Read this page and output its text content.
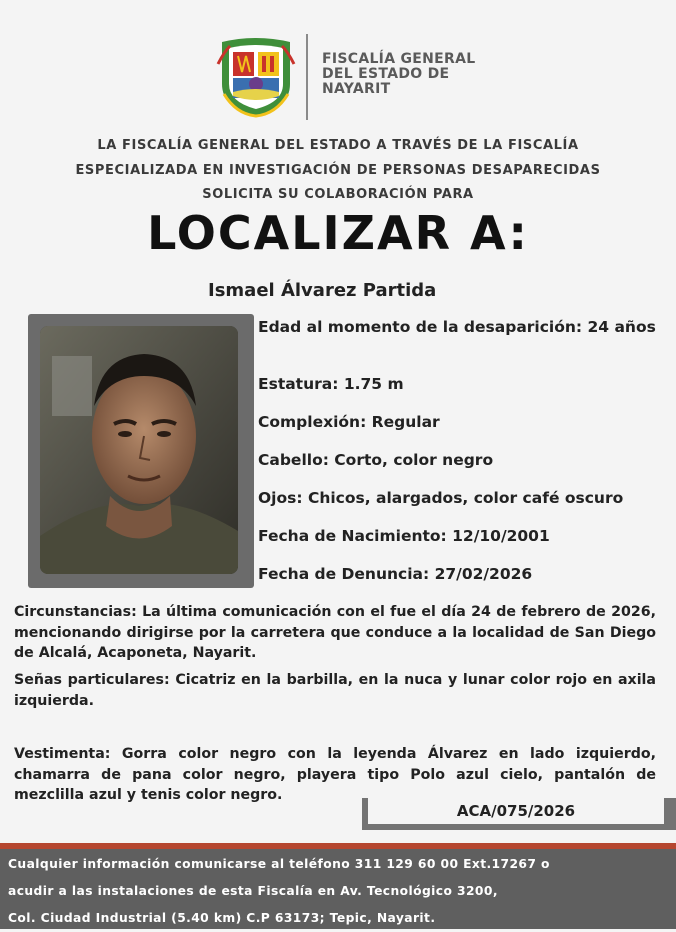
FISCALÍA GENERAL
DEL ESTADO DE
NAYARIT
LA FISCALÍA GENERAL DEL ESTADO A TRAVÉS DE LA FISCALÍA
ESPECIALIZADA EN INVESTIGACIÓN DE PERSONAS DESAPARECIDAS
SOLICITA SU COLABORACIÓN PARA
LOCALIZAR A:
Ismael Álvarez Partida
Edad al momento de la desaparición: 24 años
Estatura: 1.75 m
Complexión: Regular
Cabello: Corto, color negro
Ojos: Chicos, alargados, color café oscuro
Fecha de Nacimiento: 12/10/2001
Fecha de Denuncia: 27/02/2026
Circunstancias: La última comunicación con el fue el día 24 de febrero de 2026, mencionando dirigirse por la carretera que conduce a la localidad de San Diego de Alcalá, Acaponeta, Nayarit.
Señas particulares: Cicatriz en la barbilla, en la nuca y lunar color rojo en axila izquierda.
Vestimenta: Gorra color negro con la leyenda Álvarez en lado izquierdo, chamarra de pana color negro, playera tipo Polo azul cielo, pantalón de mezclilla azul y tenis color negro.
ACA/075/2026
Cualquier información comunicarse al teléfono 311 129 60 00 Ext.17267 o
acudir a las instalaciones de esta Fiscalía en Av. Tecnológico 3200,
Col. Ciudad Industrial (5.40 km) C.P 63173; Tepic, Nayarit.
